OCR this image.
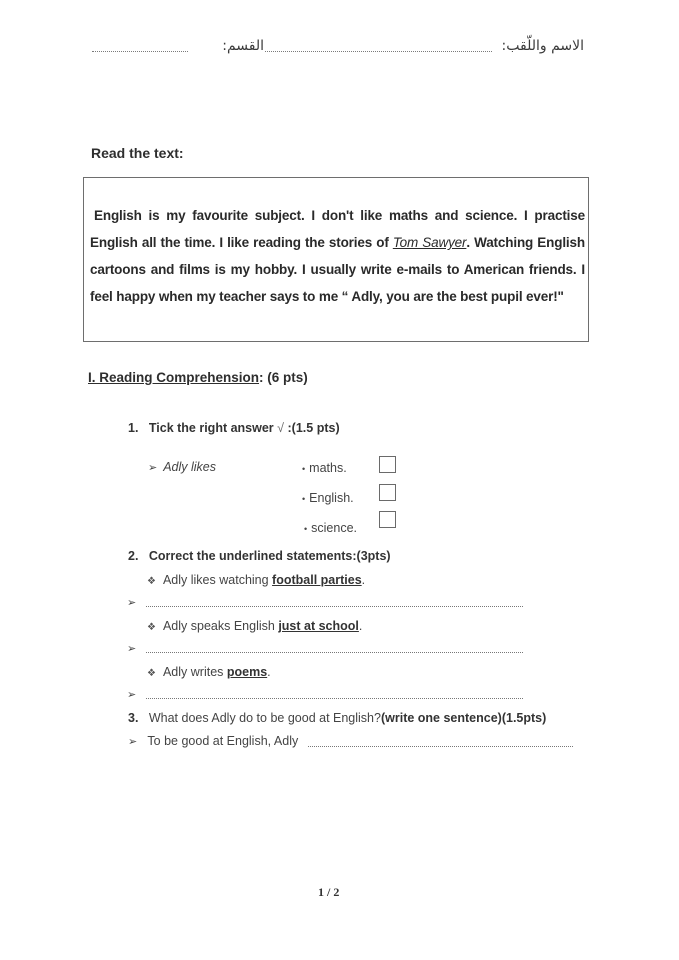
الاسم واللّقب:
القسم:
Read the text:
English is my favourite subject. I don't like maths and science. I practise English all the time. I like reading the stories of Tom Sawyer. Watching English cartoons and films is my hobby. I usually write e-mails to American friends. I feel happy when my teacher says to me “ Adly, you are the best pupil ever!"
I. Reading Comprehension: (6 pts)
1. Tick the right answer √ :(1.5 pts)
➢ Adly likes	• maths.
• English.
• science.
2. Correct the underlined statements:(3pts)
❖ Adly likes watching football parties.
➢
❖ Adly speaks English just at school.
➢
❖ Adly writes poems.
➢
3. What does Adly do to be good at English?(write one sentence)(1.5pts)
➢ To be good at English, Adly
1 / 2
